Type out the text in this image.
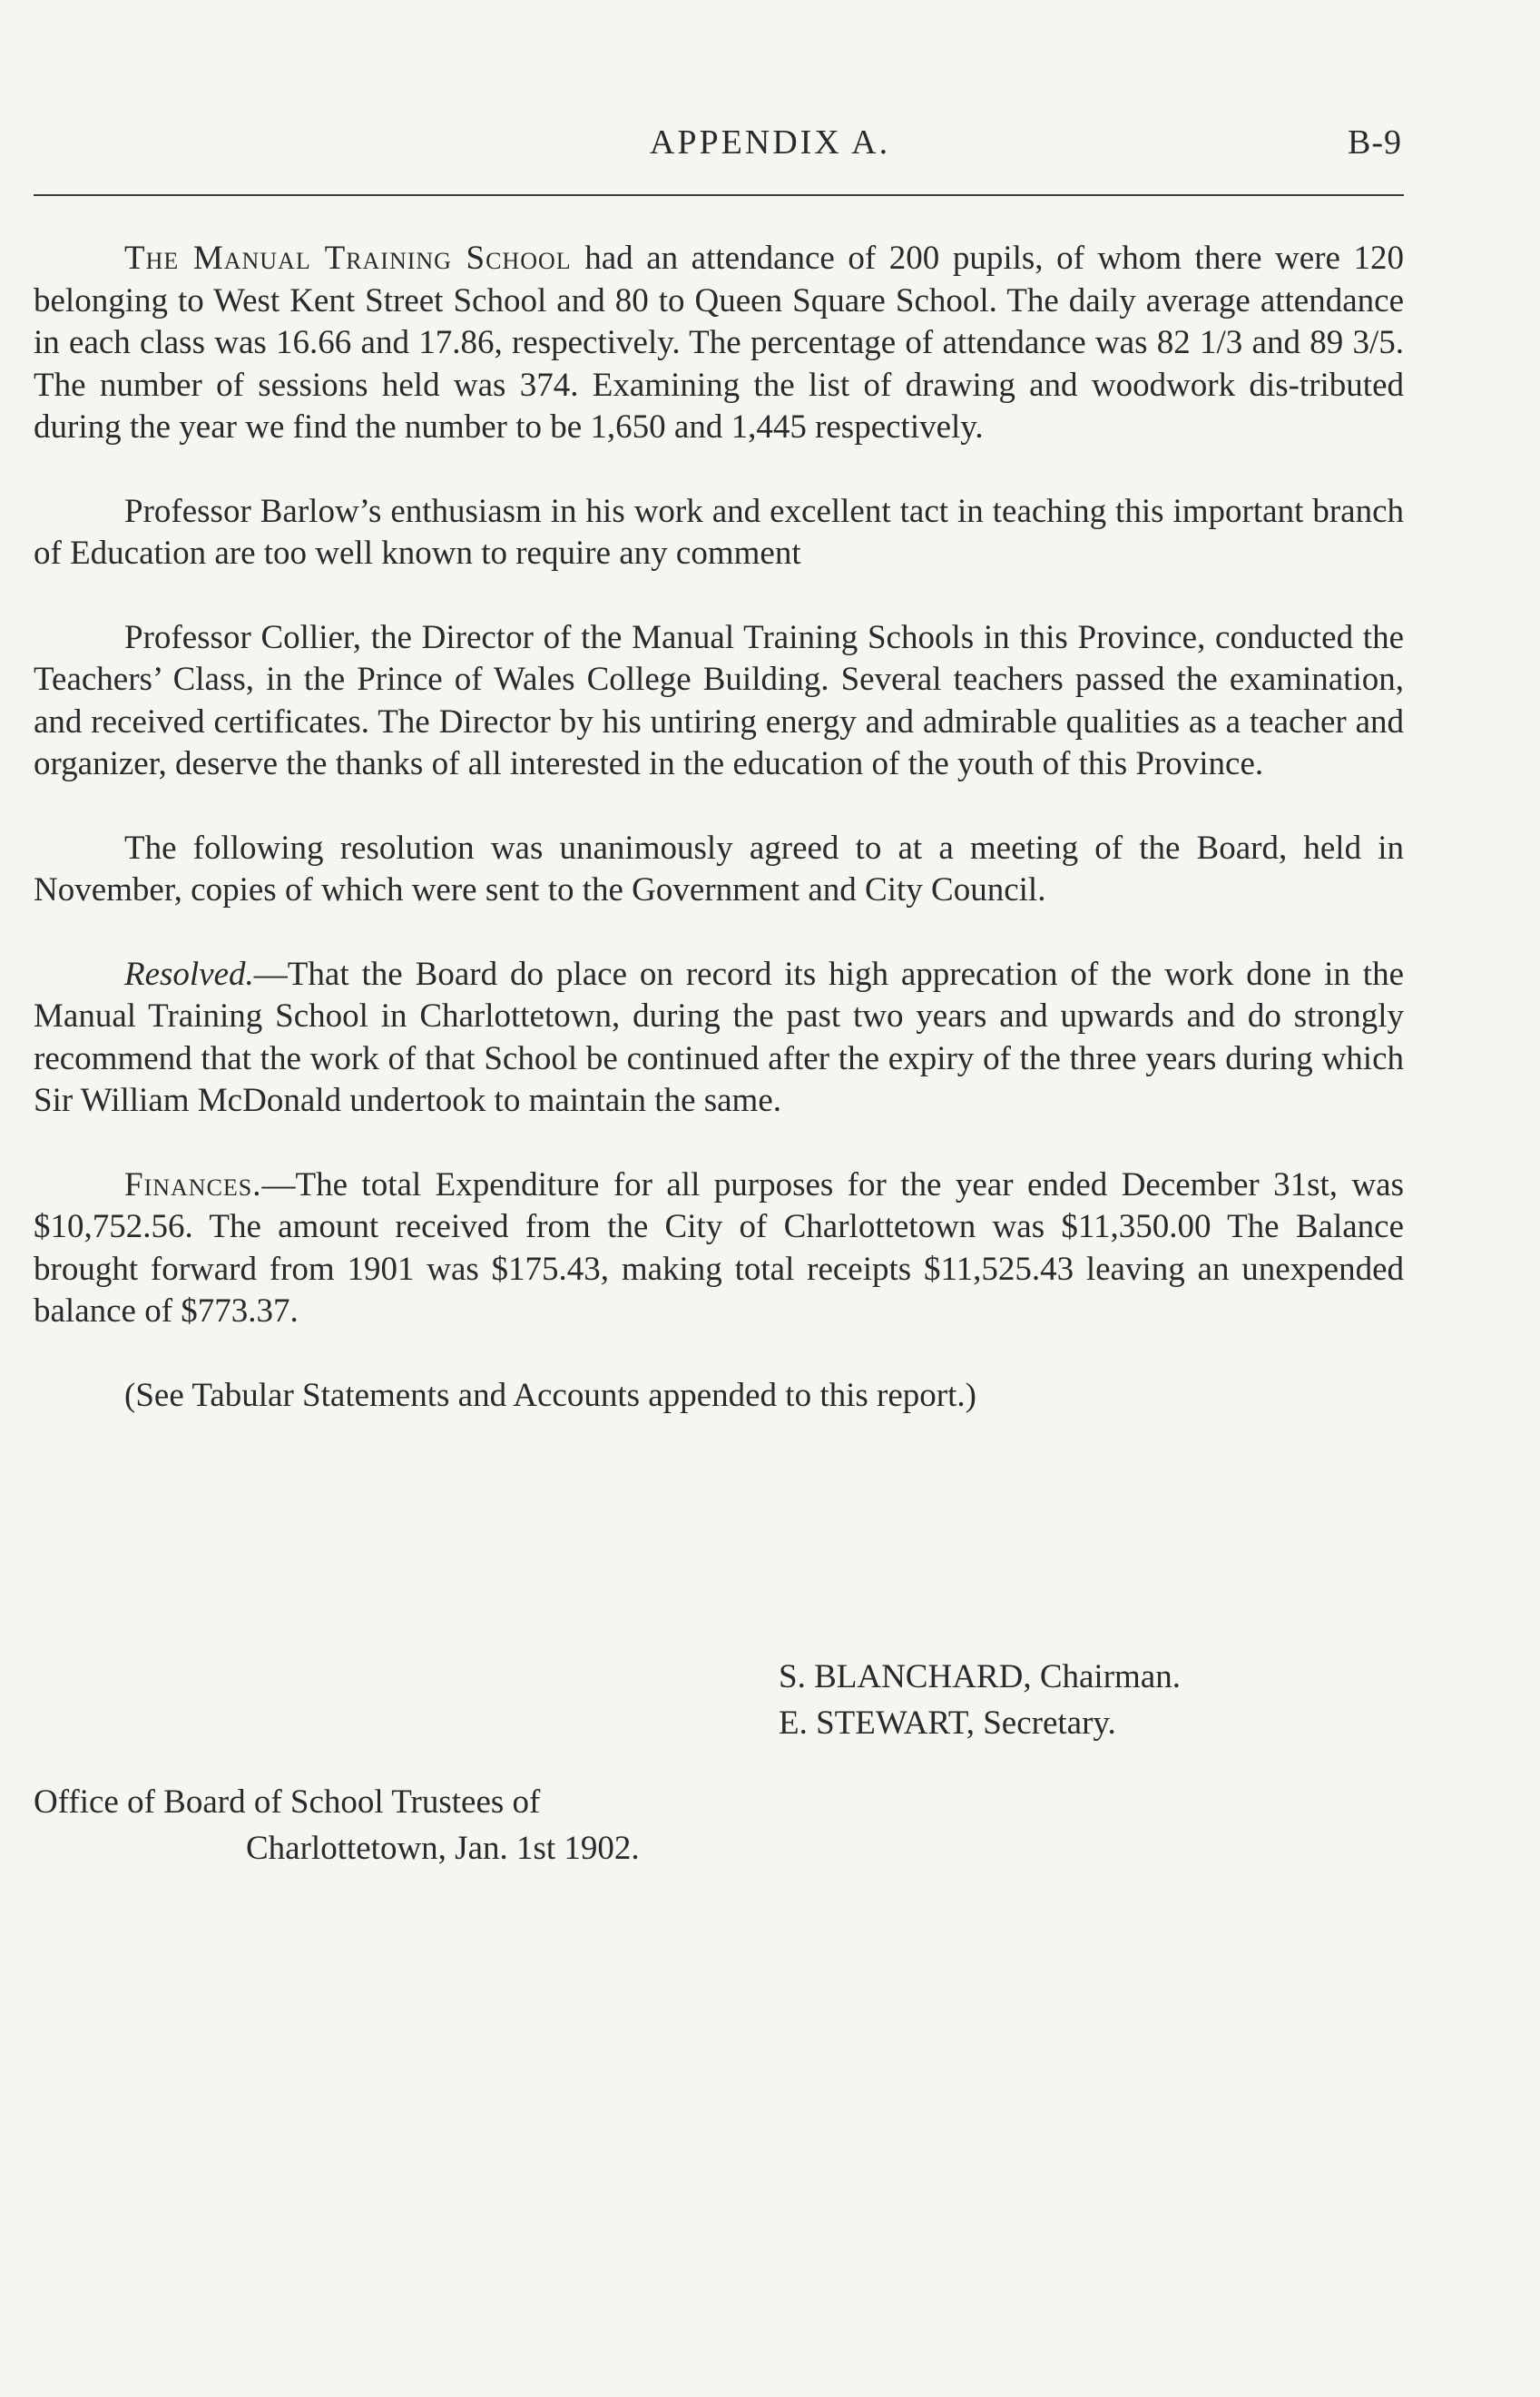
APPENDIX A.	B-9

The Manual Training School had an attendance of 200 pupils, of whom there were 120 belonging to West Kent Street School and 80 to Queen Square School. The daily average attendance in each class was 16.66 and 17.86, respectively. The percentage of attendance was 82 1/3 and 89 3/5. The number of sessions held was 374. Examining the list of drawing and woodwork dis-tributed during the year we find the number to be 1,650 and 1,445 respectively.

Professor Barlow’s enthusiasm in his work and excellent tact in teaching this important branch of Education are too well known to require any comment

Professor Collier, the Director of the Manual Training Schools in this Province, conducted the Teachers’ Class, in the Prince of Wales College Building. Several teachers passed the examination, and received certificates. The Director by his untiring energy and admirable qualities as a teacher and organizer, deserve the thanks of all interested in the education of the youth of this Province.

The following resolution was unanimously agreed to at a meeting of the Board, held in November, copies of which were sent to the Government and City Council.

Resolved.—That the Board do place on record its high apprecation of the work done in the Manual Training School in Charlottetown, during the past two years and upwards and do strongly recommend that the work of that School be continued after the expiry of the three years during which Sir William McDonald undertook to maintain the same.

Finances.—The total Expenditure for all purposes for the year ended December 31st, was $10,752.56. The amount received from the City of Charlottetown was $11,350.00 The Balance brought forward from 1901 was $175.43, making total receipts $11,525.43 leaving an unexpended balance of $773.37.

(See Tabular Statements and Accounts appended to this report.)

S. BLANCHARD, Chairman.
E. STEWART, Secretary.
Office of Board of School Trustees of
Charlottetown, Jan. 1st 1902.
